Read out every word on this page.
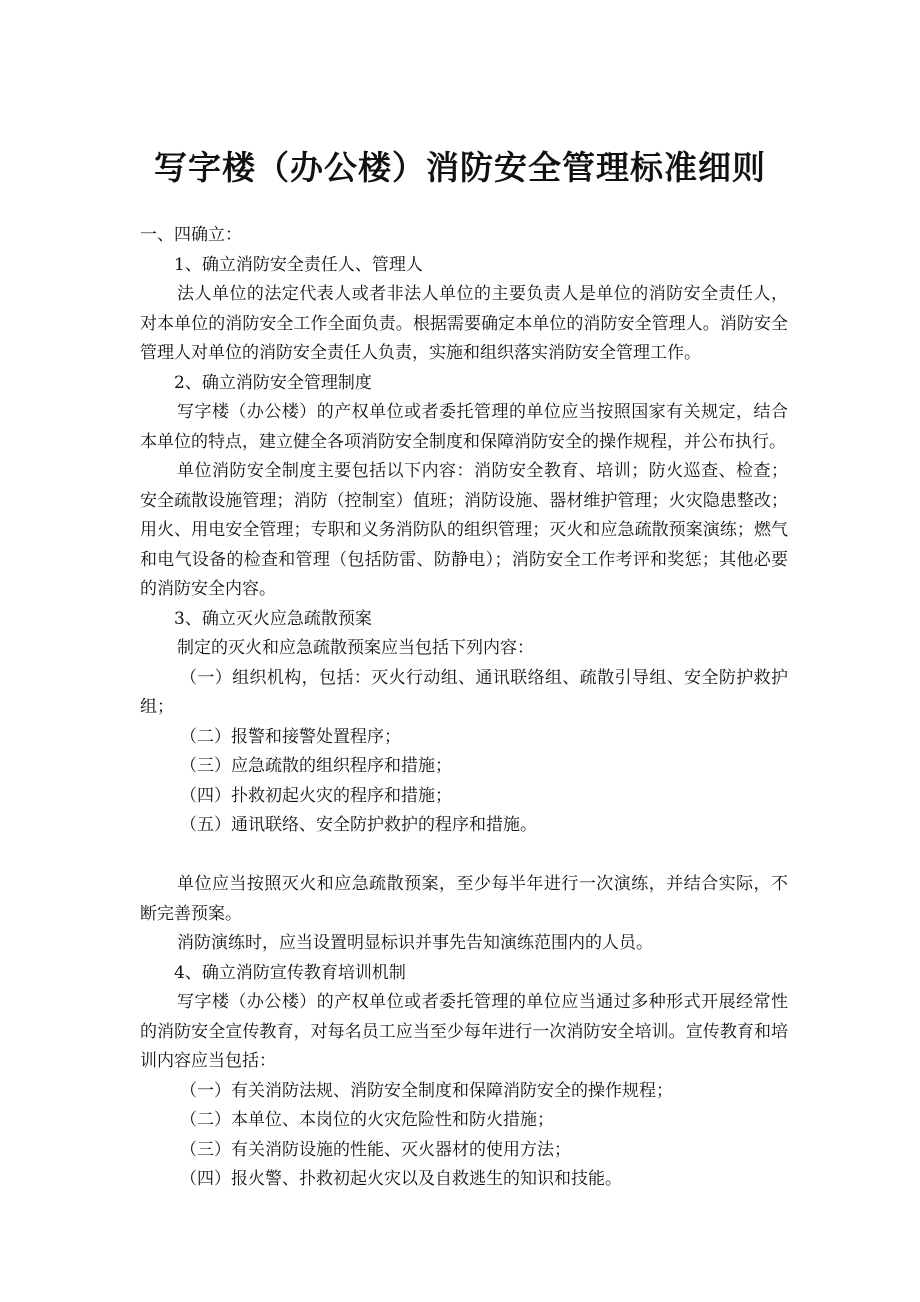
写字楼（办公楼）消防安全管理标准细则

一、四确立：

1、确立消防安全责任人、管理人

法人单位的法定代表人或者非法人单位的主要负责人是单位的消防安全责任人，对本单位的消防安全工作全面负责。根据需要确定本单位的消防安全管理人。消防安全管理人对单位的消防安全责任人负责，实施和组织落实消防安全管理工作。

2、确立消防安全管理制度

写字楼（办公楼）的产权单位或者委托管理的单位应当按照国家有关规定，结合本单位的特点，建立健全各项消防安全制度和保障消防安全的操作规程，并公布执行。

单位消防安全制度主要包括以下内容：消防安全教育、培训；防火巡查、检查；安全疏散设施管理；消防（控制室）值班；消防设施、器材维护管理；火灾隐患整改；用火、用电安全管理；专职和义务消防队的组织管理；灭火和应急疏散预案演练；燃气和电气设备的检查和管理（包括防雷、防静电）；消防安全工作考评和奖惩；其他必要的消防安全内容。

3、确立灭火应急疏散预案

制定的灭火和应急疏散预案应当包括下列内容：

（一）组织机构，包括：灭火行动组、通讯联络组、疏散引导组、安全防护救护组；

（二）报警和接警处置程序；

（三）应急疏散的组织程序和措施；

（四）扑救初起火灾的程序和措施；

（五）通讯联络、安全防护救护的程序和措施。

单位应当按照灭火和应急疏散预案，至少每半年进行一次演练，并结合实际，不断完善预案。

消防演练时，应当设置明显标识并事先告知演练范围内的人员。

4、确立消防宣传教育培训机制

写字楼（办公楼）的产权单位或者委托管理的单位应当通过多种形式开展经常性的消防安全宣传教育，对每名员工应当至少每年进行一次消防安全培训。宣传教育和培训内容应当包括：

（一）有关消防法规、消防安全制度和保障消防安全的操作规程；

（二）本单位、本岗位的火灾危险性和防火措施；

（三）有关消防设施的性能、灭火器材的使用方法；

（四）报火警、扑救初起火灾以及自救逃生的知识和技能。
